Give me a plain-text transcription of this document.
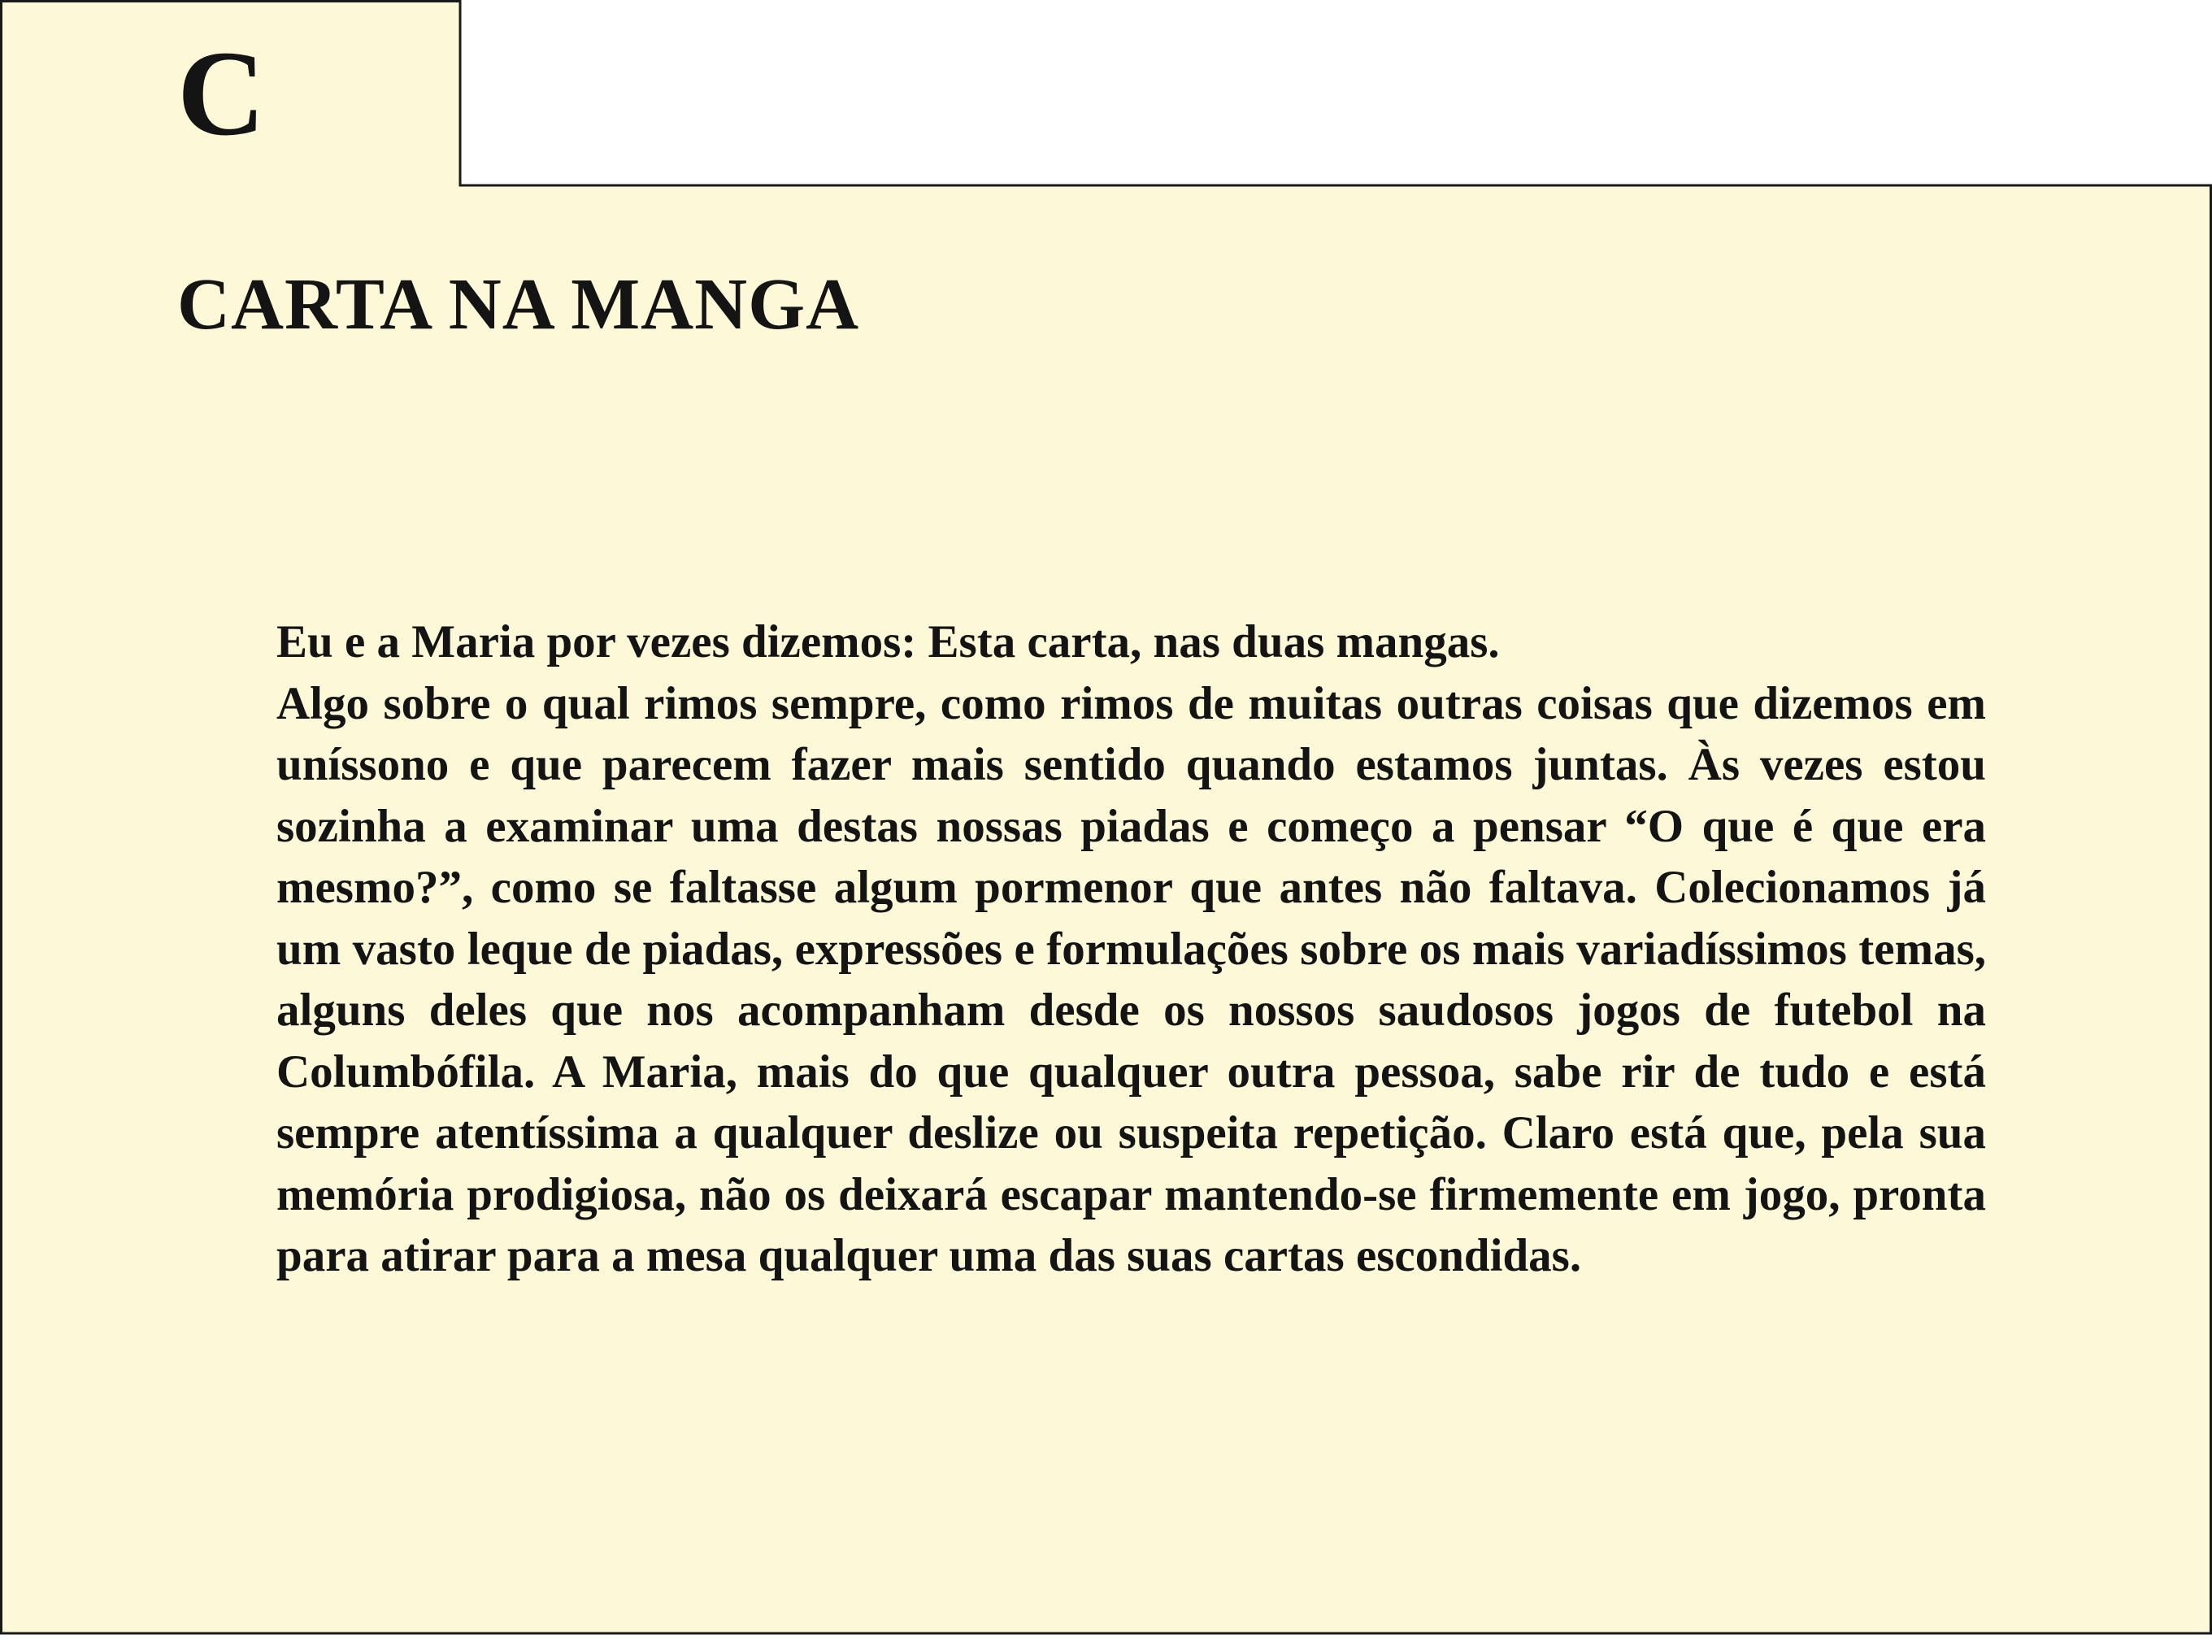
C
CARTA NA MANGA

Eu e a Maria por vezes dizemos: Esta carta, nas duas mangas.

Algo sobre o qual rimos sempre, como rimos de muitas outras coisas que dizemos em uníssono e que parecem fazer mais sentido quando estamos juntas. Às vezes estou sozinha a examinar uma destas nossas piadas e começo a pensar “O que é que era mesmo?”, como se faltasse algum pormenor que antes não faltava. Colecionamos já um vasto leque de piadas, expressões e formulações sobre os mais variadíssimos temas, alguns deles que nos acompanham desde os nossos saudosos jogos de futebol na Columbófila. A Maria, mais do que qualquer outra pessoa, sabe rir de tudo e está sempre atentíssima a qualquer deslize ou suspeita repetição. Claro está que, pela sua memória prodigiosa, não os deixará escapar mantendo-se firmemente em jogo, pronta para atirar para a mesa qualquer uma das suas cartas escondidas.
